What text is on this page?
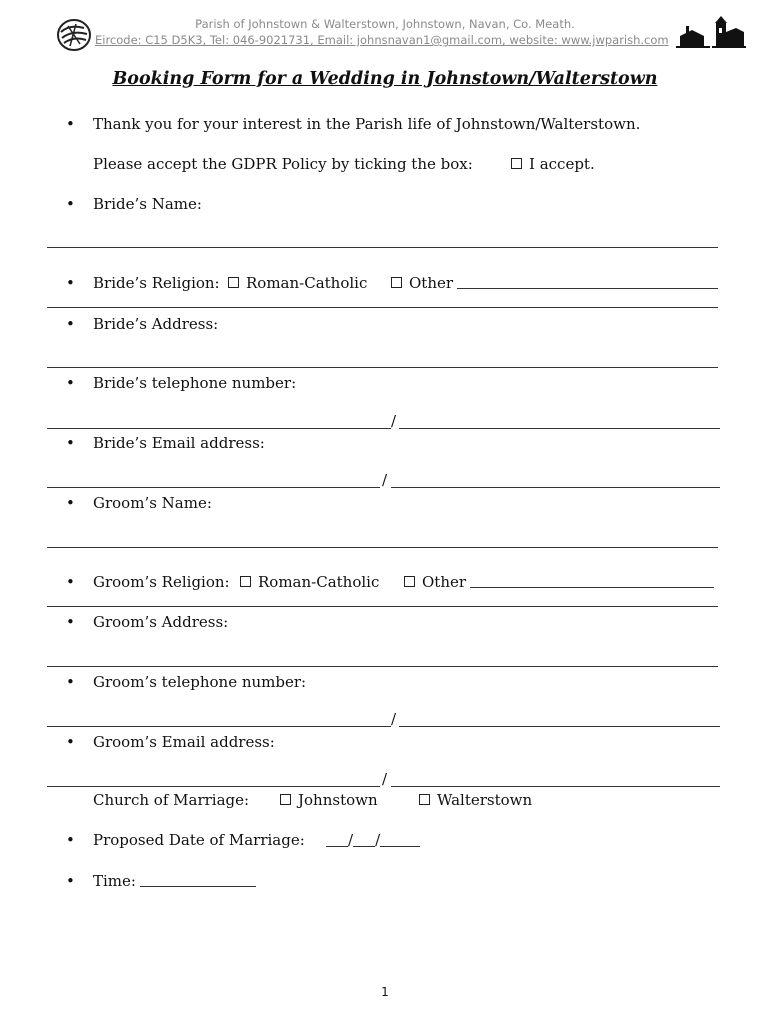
Parish of Johnstown & Walterstown, Johnstown, Navan, Co. Meath.
Eircode: C15 D5K3, Tel: 046-9021731, Email: johnsnavan1@gmail.com, website: www.jwparish.com
Booking Form for a Wedding in Johnstown/Walterstown
• Thank you for your interest in the Parish life of Johnstown/Walterstown.
Please accept the GDPR Policy by ticking the box:	I accept.
• Bride’s Name:
• Bride’s Religion:	Roman-Catholic	Other
• Bride’s Address:
• Bride’s telephone number:
/
• Bride’s Email address:
/
• Groom’s Name:
• Groom’s Religion:	Roman-Catholic	Other
• Groom’s Address:
• Groom’s telephone number:
/
• Groom’s Email address:
/
Church of Marriage:	Johnstown	Walterstown
• Proposed Date of Marriage:	/ /
• Time:
1
